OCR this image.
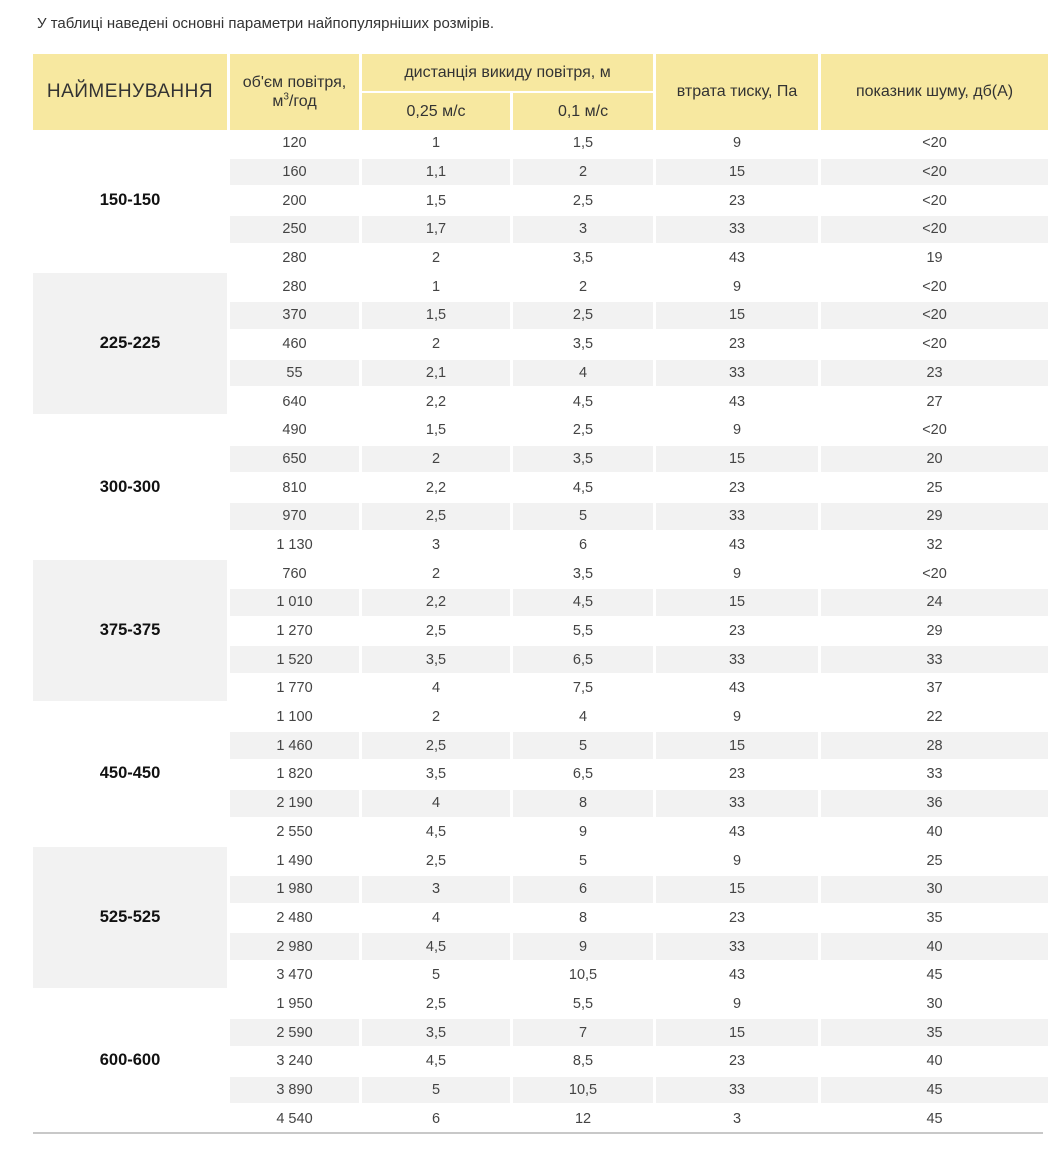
У таблиці наведені основні параметри найпопулярніших розмірів.
НАЙМЕНУВАННЯ	об'єм повітря,
$м^3$/год	дистанція викиду повітря, м		втрата тиску, Па	показник шуму, дб(А)
		0,25 м/с	0,1 м/с		
150-150	120	1	1,5	9	<20
	160	1,1	2	15	<20
	200	1,5	2,5	23	<20
	250	1,7	3	33	<20
	280	2	3,5	43	19
225-225	280	1	2	9	<20
	370	1,5	2,5	15	<20
	460	2	3,5	23	<20
	55	2,1	4	33	23
	640	2,2	4,5	43	27
300-300	490	1,5	2,5	9	<20
	650	2	3,5	15	20
	810	2,2	4,5	23	25
	970	2,5	5	33	29
	1 130	3	6	43	32
375-375	760	2	3,5	9	<20
	1 010	2,2	4,5	15	24
	1 270	2,5	5,5	23	29
	1 520	3,5	6,5	33	33
	1 770	4	7,5	43	37
450-450	1 100	2	4	9	22
	1 460	2,5	5	15	28
	1 820	3,5	6,5	23	33
	2 190	4	8	33	36
	2 550	4,5	9	43	40
525-525	1 490	2,5	5	9	25
	1 980	3	6	15	30
	2 480	4	8	23	35
	2 980	4,5	9	33	40
	3 470	5	10,5	43	45
600-600	1 950	2,5	5,5	9	30
	2 590	3,5	7	15	35
	3 240	4,5	8,5	23	40
	3 890	5	10,5	33	45
	4 540	6	12	3	45
